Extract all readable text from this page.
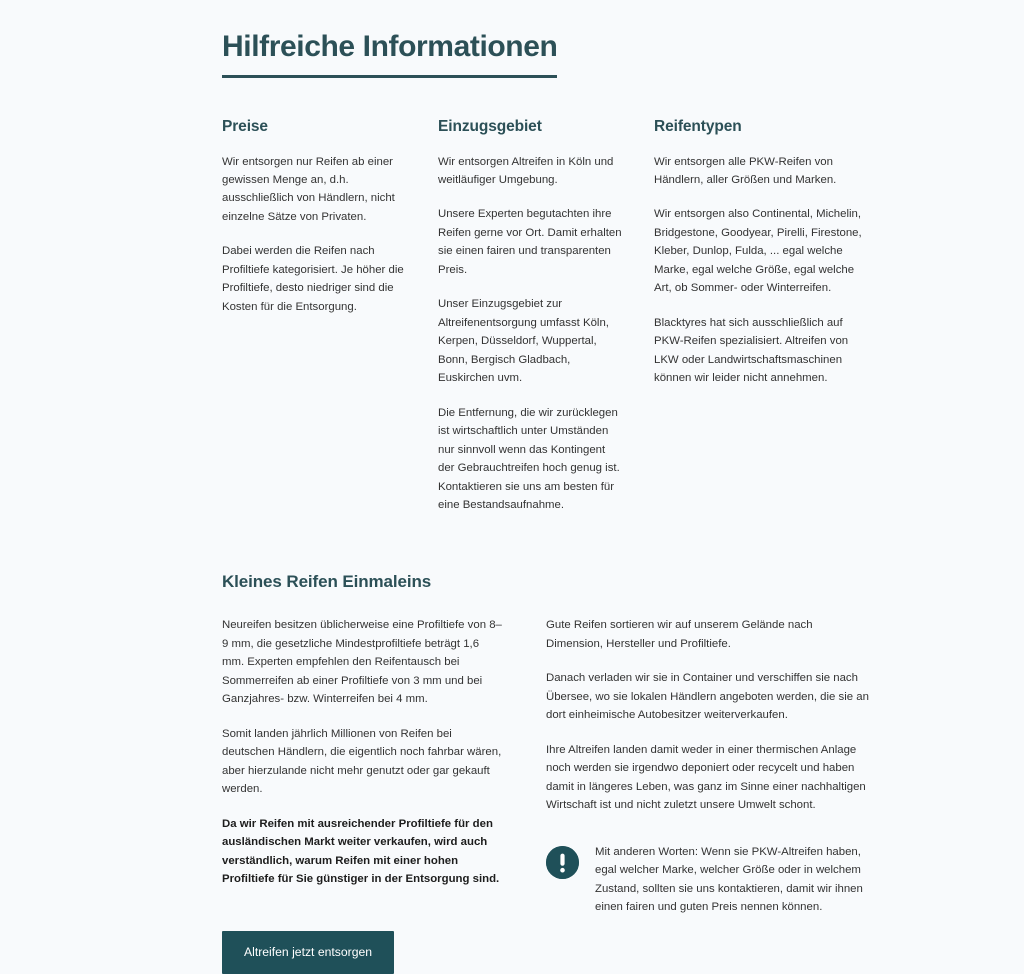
Hilfreiche Informationen
Preise

Wir entsorgen nur Reifen ab einer gewissen Menge an, d.h. ausschließlich von Händlern, nicht einzelne Sätze von Privaten.

Dabei werden die Reifen nach Profiltiefe kategorisiert. Je höher die Profiltiefe, desto niedriger sind die Kosten für die Entsorgung.

Einzugsgebiet

Wir entsorgen Altreifen in Köln und weitläufiger Umgebung.

Unsere Experten begutachten ihre Reifen gerne vor Ort. Damit erhalten sie einen fairen und transparenten Preis.

Unser Einzugsgebiet zur Altreifenentsorgung umfasst Köln, Kerpen, Düsseldorf, Wuppertal, Bonn, Bergisch Gladbach, Euskirchen uvm.

Die Entfernung, die wir zurücklegen ist wirtschaftlich unter Umständen nur sinnvoll wenn das Kontingent der Gebrauchtreifen hoch genug ist. Kontaktieren sie uns am besten für eine Bestandsaufnahme.

Reifentypen

Wir entsorgen alle PKW-Reifen von Händlern, aller Größen und Marken.

Wir entsorgen also Continental, Michelin, Bridgestone, Goodyear, Pirelli, Firestone, Kleber, Dunlop, Fulda, ... egal welche Marke, egal welche Größe, egal welche Art, ob Sommer- oder Winterreifen.

Blacktyres hat sich ausschließlich auf PKW-Reifen spezialisiert. Altreifen von LKW oder Landwirtschaftsmaschinen können wir leider nicht annehmen.

Kleines Reifen Einmaleins

Neureifen besitzen üblicherweise eine Profiltiefe von 8–9 mm, die gesetzliche Mindestprofiltiefe beträgt 1,6 mm. Experten empfehlen den Reifentausch bei Sommerreifen ab einer Profiltiefe von 3 mm und bei Ganzjahres- bzw. Winterreifen bei 4 mm.

Somit landen jährlich Millionen von Reifen bei deutschen Händlern, die eigentlich noch fahrbar wären, aber hierzulande nicht mehr genutzt oder gar gekauft werden.

Da wir Reifen mit ausreichender Profiltiefe für den ausländischen Markt weiter verkaufen, wird auch verständlich, warum Reifen mit einer hohen Profiltiefe für Sie günstiger in der Entsorgung sind.

Altreifen jetzt entsorgen

Gute Reifen sortieren wir auf unserem Gelände nach Dimension, Hersteller und Profiltiefe.

Danach verladen wir sie in Container und verschiffen sie nach Übersee, wo sie lokalen Händlern angeboten werden, die sie an dort einheimische Autobesitzer weiterverkaufen.

Ihre Altreifen landen damit weder in einer thermischen Anlage noch werden sie irgendwo deponiert oder recycelt und haben damit in längeres Leben, was ganz im Sinne einer nachhaltigen Wirtschaft ist und nicht zuletzt unsere Umwelt schont.

Mit anderen Worten: Wenn sie PKW-Altreifen haben, egal welcher Marke, welcher Größe oder in welchem Zustand, sollten sie uns kontaktieren, damit wir ihnen einen fairen und guten Preis nennen können.
